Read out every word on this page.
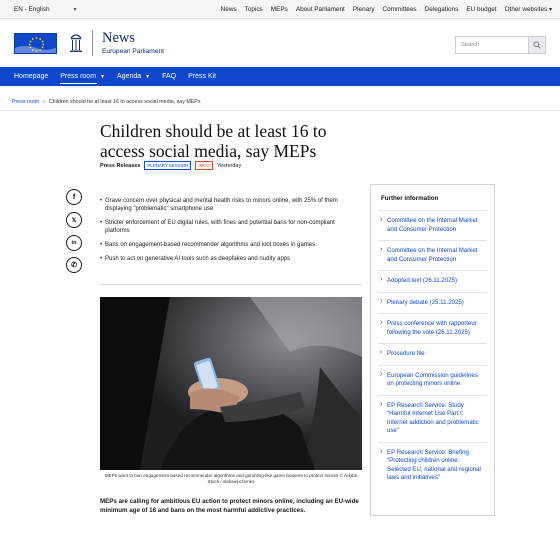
EN - English	▾	News Topics MEPs About Parliament Plenary Committees Delegations EU budget Other websites ▾
News
European Parliament
Search
Homepage Press room ▼ Agenda ▼ FAQ Press Kit
Press room › Children should be at least 16 to access social media, say MEPs
Children should be at least 16 to access social media, say MEPs
Press Releases	PLENARY SESSION	IMCO	Yesterday
f
𝕏
in
✆
• Grave concern over physical and mental health risks to minors online, with 25% of them displaying "problematic" smartphone use
• Stricter enforcement of EU digital rules, with fines and potential bans for non-compliant platforms
• Bans on engagement-based recommender algorithms and loot boxes in games
• Push to act on generative AI tools such as deepfakes and nudity apps
MEPs want to ban engagement-based recommender algorithms and gambling-like game features to protect minors © Adobe Stock / oleksiepchenko

MEPs are calling for ambitious EU action to protect minors online, including an EU-wide minimum age of 16 and bans on the most harmful addictive practices.

Further information
› Committee on the Internal Market and Consumer Protection
› Committee on the Internal Market and Consumer Protection
› Adopted text (26.11.2025)
› Plenary debate (25.11.2025)
› Press conference with rapporteur following the vote (26.11.2025)
› Procedure file
› European Commission guidelines on protecting minors online
› EP Research Service: Study "Harmful Internet Use Part I: Internet addiction and problematic use"
› EP Research Service: Briefing "Protecting children online: Selected EU, national and regional laws and initiatives"
